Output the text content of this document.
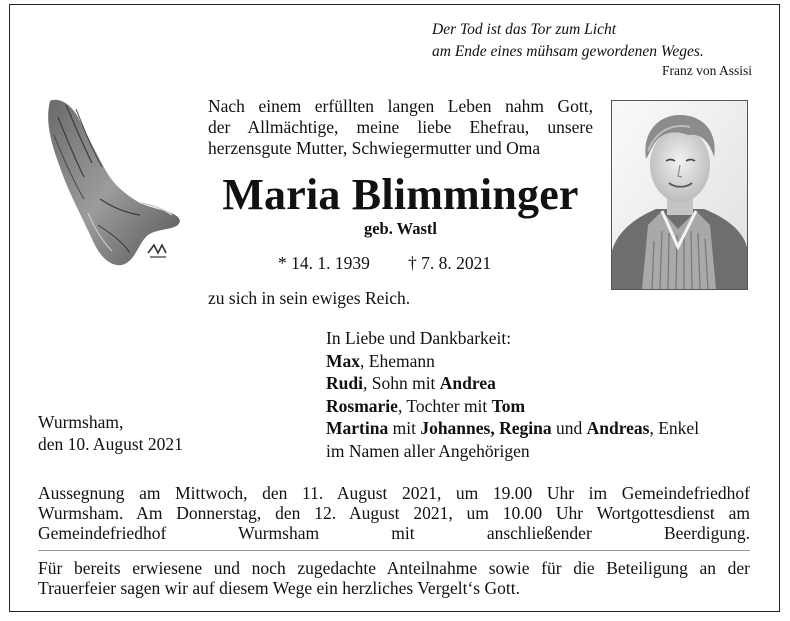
Der Tod ist das Tor zum Licht
am Ende eines mühsam gewordenen Weges.
Franz von Assisi
Nach einem erfüllten langen Leben nahm Gott,
der Allmächtige, meine liebe Ehefrau, unsere
herzensgute Mutter, Schwiegermutter und Oma
Maria Blimminger
geb. Wastl
* 14. 1. 1939 † 7. 8. 2021
zu sich in sein ewiges Reich.
In Liebe und Dankbarkeit:
Max, Ehemann
Rudi, Sohn mit Andrea
Rosmarie, Tochter mit Tom
Martina mit Johannes, Regina und Andreas, Enkel
im Namen aller Angehörigen
Wurmsham,
den 10. August 2021
Aussegnung am Mittwoch, den 11. August 2021, um 19.00 Uhr im Gemeindefriedhof
Wurmsham. Am Donnerstag, den 12. August 2021, um 10.00 Uhr Wortgottesdienst am
Gemeindefriedhof Wurmsham mit anschließender Beerdigung.
Für bereits erwiesene und noch zugedachte Anteilnahme sowie für die Beteiligung an der
Trauerfeier sagen wir auf diesem Wege ein herzliches Vergelt‘s Gott.
